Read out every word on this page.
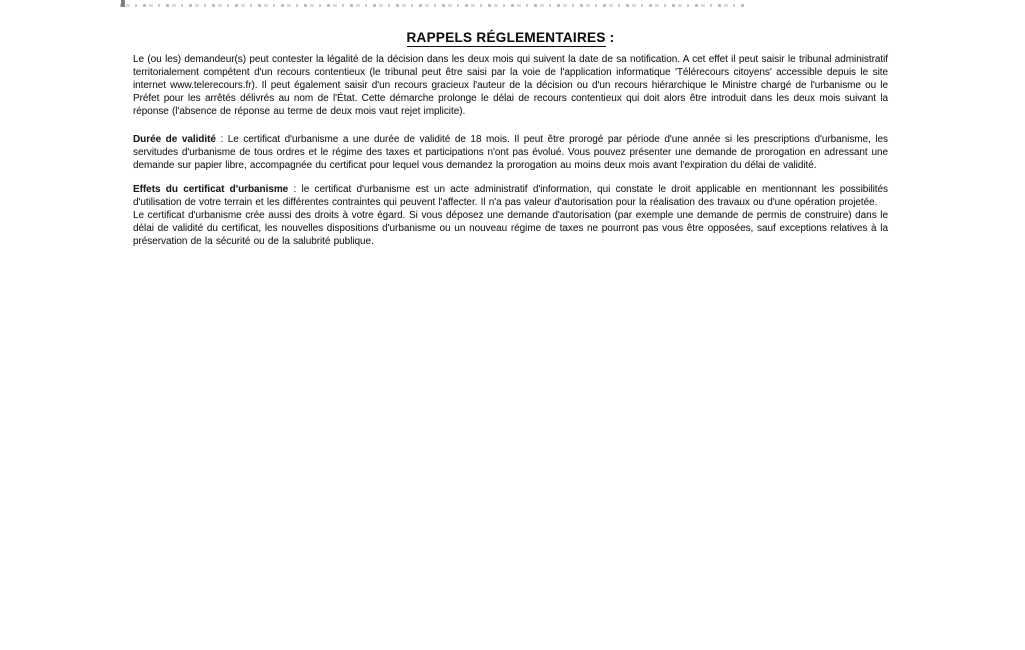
RAPPELS RÉGLEMENTAIRES :

Le (ou les) demandeur(s) peut contester la légalité de la décision dans les deux mois qui suivent la date de sa notification. A cet effet il peut saisir le tribunal administratif territorialement compétent d'un recours contentieux (le tribunal peut être saisi par la voie de l'application informatique 'Télérecours citoyens' accessible depuis le site internet www.telerecours.fr). Il peut également saisir d'un recours gracieux l'auteur de la décision ou d'un recours hiérarchique le Ministre chargé de l'urbanisme ou le Préfet pour les arrêtés délivrés au nom de l'État. Cette démarche prolonge le délai de recours contentieux qui doit alors être introduit dans les deux mois suivant la réponse (l'absence de réponse au terme de deux mois vaut rejet implicite).

Durée de validité : Le certificat d'urbanisme a une durée de validité de 18 mois. Il peut être prorogé par période d'une année si les prescriptions d'urbanisme, les servitudes d'urbanisme de tous ordres et le régime des taxes et participations n'ont pas évolué. Vous pouvez présenter une demande de prorogation en adressant une demande sur papier libre, accompagnée du certificat pour lequel vous demandez la prorogation au moins deux mois avant l'expiration du délai de validité.

Effets du certificat d'urbanisme : le certificat d'urbanisme est un acte administratif d'information, qui constate le droit applicable en mentionnant les possibilités d'utilisation de votre terrain et les différentes contraintes qui peuvent l'affecter. Il n'a pas valeur d'autorisation pour la réalisation des travaux ou d'une opération projetée.

Le certificat d'urbanisme crée aussi des droits à votre égard. Si vous déposez une demande d'autorisation (par exemple une demande de permis de construire) dans le délai de validité du certificat, les nouvelles dispositions d'urbanisme ou un nouveau régime de taxes ne pourront pas vous être opposées, sauf exceptions relatives à la préservation de la sécurité ou de la salubrité publique.
